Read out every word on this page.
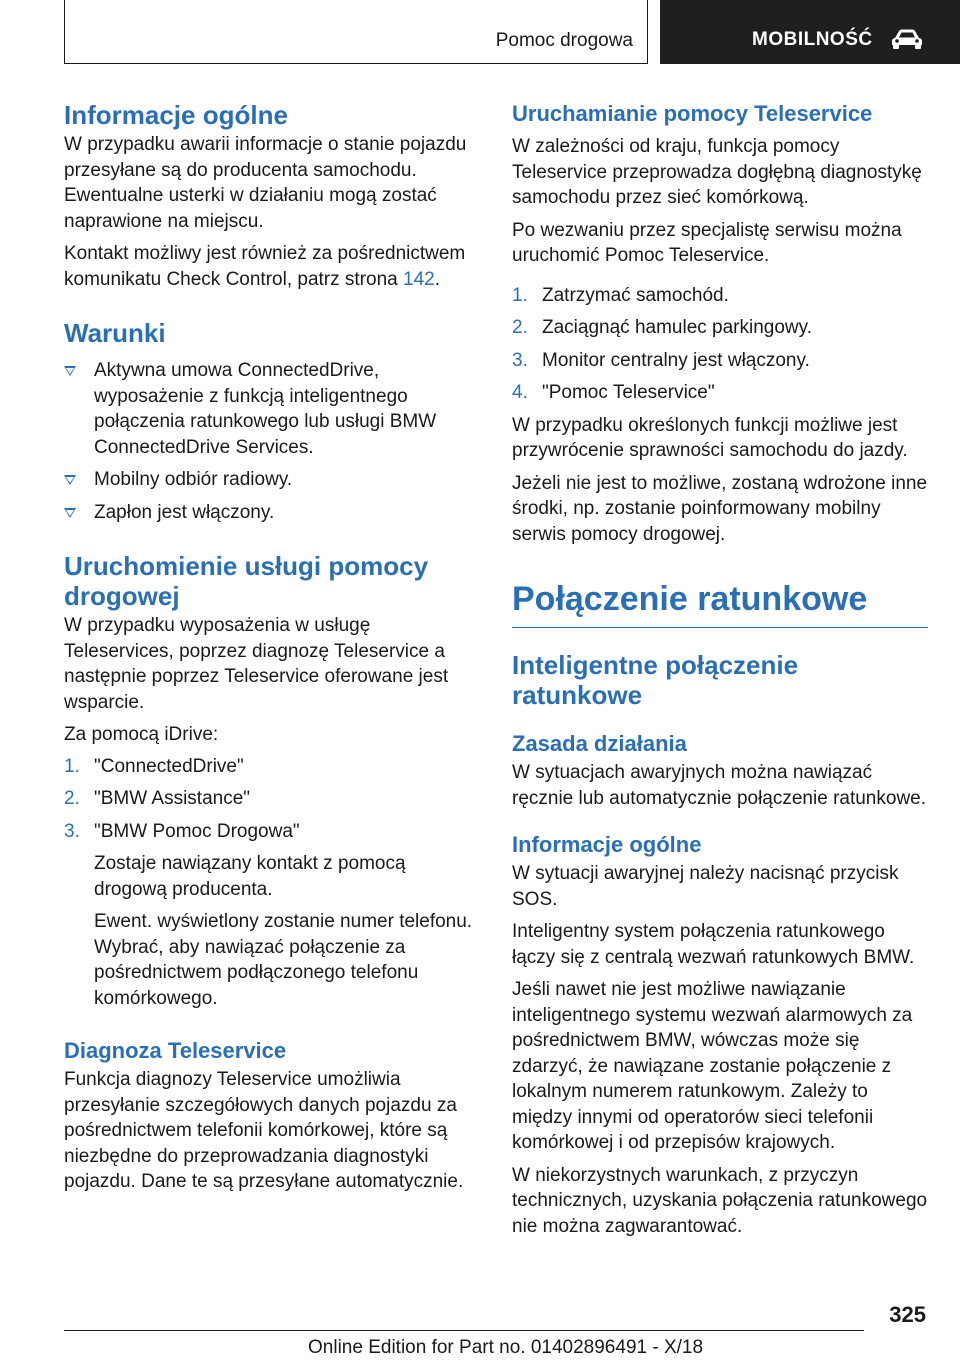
Pomoc drogowa	MOBILNOŚĆ
Informacje ogólne

W przypadku awarii informacje o stanie pojazdu przesyłane są do producenta samochodu. Ewentualne usterki w działaniu mogą zostać naprawione na miejscu.

Kontakt możliwy jest również za pośrednictwem komunikatu Check Control, patrz strona 142.

Warunki
Aktywna umowa ConnectedDrive, wyposażenie z funkcją inteligentnego połączenia ratunkowego lub usługi BMW ConnectedDrive Services.
Mobilny odbiór radiowy.
Zapłon jest włączony.
Uruchomienie usługi pomocy drogowej

W przypadku wyposażenia w usługę Teleservices, poprzez diagnozę Teleservice a następnie poprzez Teleservice oferowane jest wsparcie.

Za pomocą iDrive:

1. "ConnectedDrive"
2. "BMW Assistance"
3. "BMW Pomoc Drogowa"

Zostaje nawiązany kontakt z pomocą drogową producenta.

Ewent. wyświetlony zostanie numer telefonu. Wybrać, aby nawiązać połączenie za pośrednictwem podłączonego telefonu komórkowego.

Diagnoza Teleservice

Funkcja diagnozy Teleservice umożliwia przesyłanie szczegółowych danych pojazdu za pośrednictwem telefonii komórkowej, które są niezbędne do przeprowadzania diagnostyki pojazdu. Dane te są przesyłane automatycznie.

Uruchamianie pomocy Teleservice

W zależności od kraju, funkcja pomocy Teleservice przeprowadza dogłębną diagnostykę samochodu przez sieć komórkową.

Po wezwaniu przez specjalistę serwisu można uruchomić Pomoc Teleservice.

1. Zatrzymać samochód.
2. Zaciągnąć hamulec parkingowy.
3. Monitor centralny jest włączony.
4. "Pomoc Teleservice"

W przypadku określonych funkcji możliwe jest przywrócenie sprawności samochodu do jazdy.

Jeżeli nie jest to możliwe, zostaną wdrożone inne środki, np. zostanie poinformowany mobilny serwis pomocy drogowej.

Połączenie ratunkowe
Inteligentne połączenie ratunkowe
Zasada działania

W sytuacjach awaryjnych można nawiązać ręcznie lub automatycznie połączenie ratunkowe.

Informacje ogólne

W sytuacji awaryjnej należy nacisnąć przycisk SOS.

Inteligentny system połączenia ratunkowego łączy się z centralą wezwań ratunkowych BMW.

Jeśli nawet nie jest możliwe nawiązanie inteligentnego systemu wezwań alarmowych za pośrednictwem BMW, wówczas może się zdarzyć, że nawiązane zostanie połączenie z lokalnym numerem ratunkowym. Zależy to między innymi od operatorów sieci telefonii komórkowej i od przepisów krajowych.

W niekorzystnych warunkach, z przyczyn technicznych, uzyskania połączenia ratunkowego nie można zagwarantować.

325
Online Edition for Part no. 01402896491 - X/18
